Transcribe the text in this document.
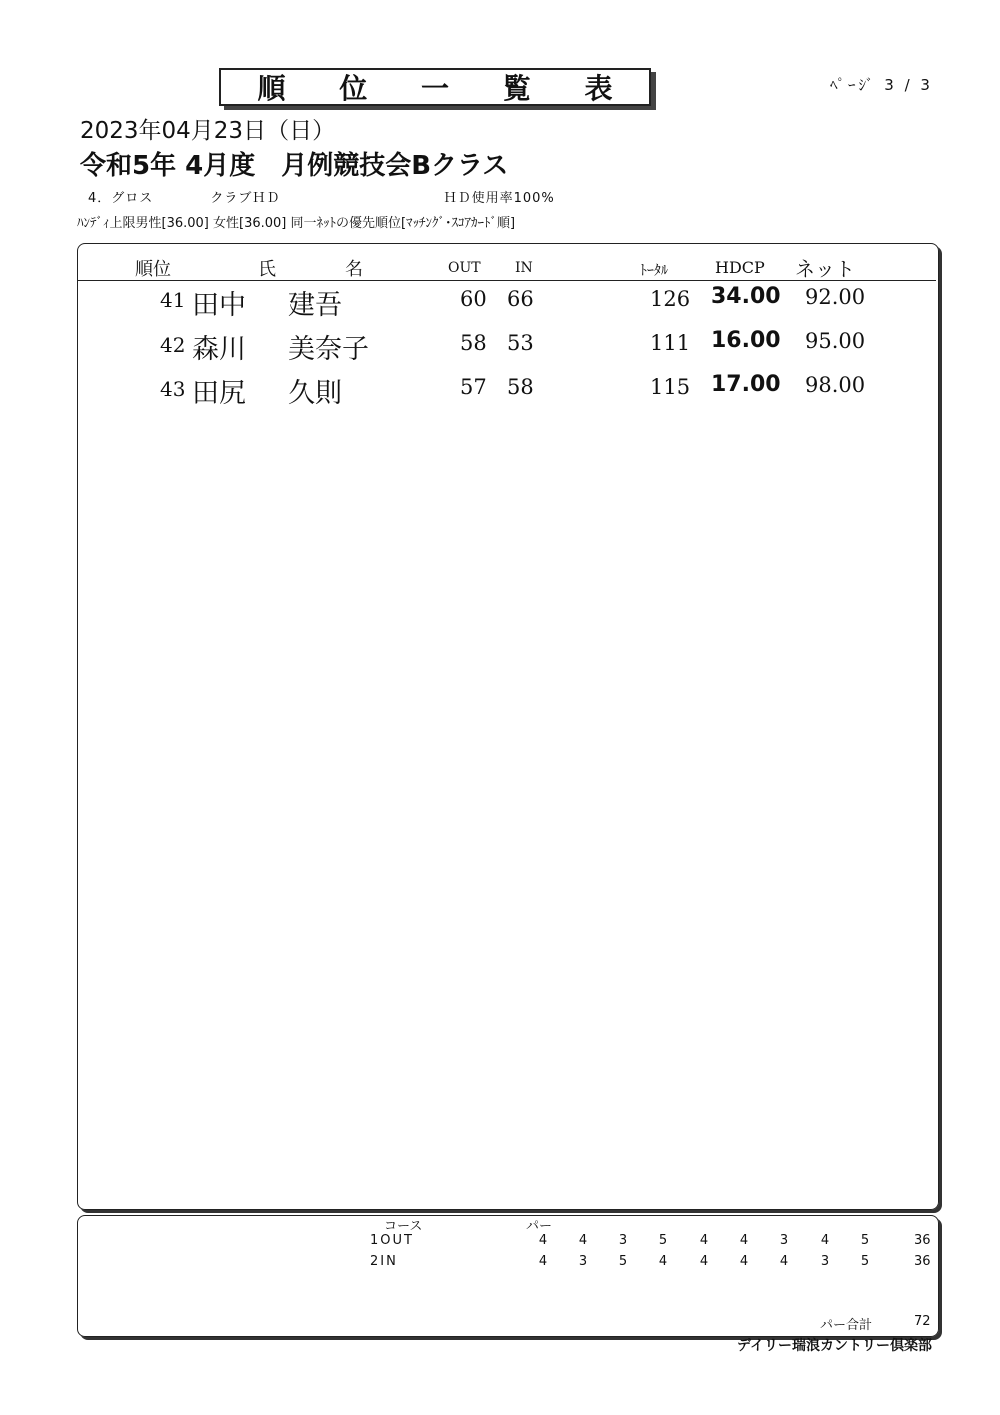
順 位 一 覧 表	ﾍﾟｰｼﾞ 3 / 3
2023年04月23日（日）
令和5年 4月度　月例競技会Bクラス
4．グロス	クラブＨＤ	ＨＤ使用率100%
ﾊﾝﾃﾞｨ上限男性[36.00] 女性[36.00] 同一ﾈｯﾄの優先順位[ﾏｯﾁﾝｸﾞ･ｽｺｱｶｰﾄﾞ順]
順位	氏	名	OUT IN	ﾄｰﾀﾙ	HDCP ネット
41 田中 建吾	60 66	126 34.00 92.00
42 森川 美奈子	58 53	111 16.00 95.00
43 田尻 久則	57 58	115 17.00 98.00
コース	パー
1OUT	4	4	3	5	4	4	3	4	5	36
2IN	4	3	5	4	4	4	4	3	5	36
パー合計	72
デイリー瑞浪カントリー倶楽部
